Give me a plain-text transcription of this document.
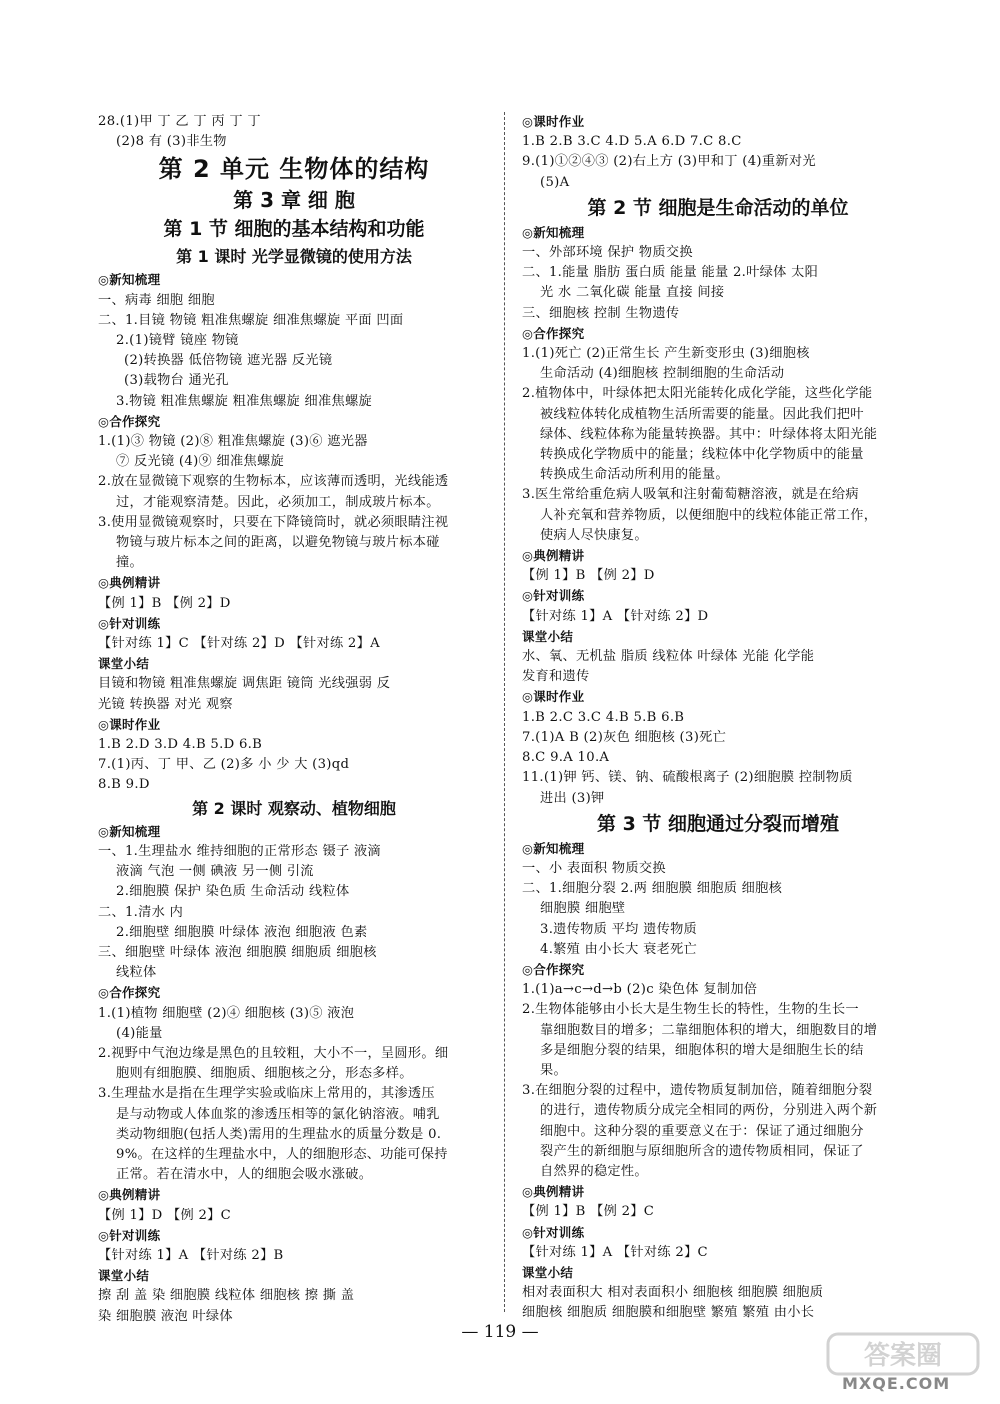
28.(1)甲 丁 乙 丁 丙 丁 丁
(2)8 有 (3)非生物
第 2 单元 生物体的结构
第 3 章 细 胞
第 1 节 细胞的基本结构和功能
第 1 课时 光学显微镜的使用方法
◎新知梳理
一、病毒 细胞 细胞
二、1.目镜 物镜 粗准焦螺旋 细准焦螺旋 平面 凹面
2.(1)镜臂 镜座 物镜
(2)转换器 低倍物镜 遮光器 反光镜
(3)载物台 通光孔
3.物镜 粗准焦螺旋 粗准焦螺旋 细准焦螺旋
◎合作探究
1.(1)③ 物镜 (2)⑧ 粗准焦螺旋 (3)⑥ 遮光器
⑦ 反光镜 (4)⑨ 细准焦螺旋
2.放在显微镜下观察的生物标本，应该薄而透明，光线能透
过，才能观察清楚。因此，必须加工，制成玻片标本。
3.使用显微镜观察时，只要在下降镜筒时，就必须眼睛注视
物镜与玻片标本之间的距离，以避免物镜与玻片标本碰
撞。
◎典例精讲
【例 1】B 【例 2】D
◎针对训练
【针对练 1】C 【针对练 2】D 【针对练 2】A
课堂小结
目镜和物镜 粗准焦螺旋 调焦距 镜筒 光线强弱 反
光镜 转换器 对光 观察
◎课时作业
1.B 2.D 3.D 4.B 5.D 6.B
7.(1)丙、丁 甲、乙 (2)多 小 少 大 (3)qd
8.B 9.D
第 2 课时 观察动、植物细胞
◎新知梳理
一、1.生理盐水 维持细胞的正常形态 镊子 液滴
液滴 气泡 一侧 碘液 另一侧 引流
2.细胞膜 保护 染色质 生命活动 线粒体
二、1.清水 内
2.细胞壁 细胞膜 叶绿体 液泡 细胞液 色素
三、细胞壁 叶绿体 液泡 细胞膜 细胞质 细胞核
线粒体
◎合作探究
1.(1)植物 细胞壁 (2)④ 细胞核 (3)⑤ 液泡
(4)能量
2.视野中气泡边缘是黑色的且较粗，大小不一，呈圆形。细
胞则有细胞膜、细胞质、细胞核之分，形态多样。
3.生理盐水是指在生理学实验或临床上常用的，其渗透压
是与动物或人体血浆的渗透压相等的氯化钠溶液。哺乳
类动物细胞(包括人类)需用的生理盐水的质量分数是 0.
9%。在这样的生理盐水中，人的细胞形态、功能可保持
正常。若在清水中，人的细胞会吸水涨破。
◎典例精讲
【例 1】D 【例 2】C
◎针对训练
【针对练 1】A 【针对练 2】B
课堂小结
擦 刮 盖 染 细胞膜 线粒体 细胞核 擦 撕 盖
染 细胞膜 液泡 叶绿体
◎课时作业
1.B 2.B 3.C 4.D 5.A 6.D 7.C 8.C
9.(1)①②④③ (2)右上方 (3)甲和丁 (4)重新对光
(5)A
第 2 节 细胞是生命活动的单位
◎新知梳理
一、外部环境 保护 物质交换
二、1.能量 脂肪 蛋白质 能量 能量 2.叶绿体 太阳
光 水 二氧化碳 能量 直接 间接
三、细胞核 控制 生物遗传
◎合作探究
1.(1)死亡 (2)正常生长 产生新变形虫 (3)细胞核
生命活动 (4)细胞核 控制细胞的生命活动
2.植物体中，叶绿体把太阳光能转化成化学能，这些化学能
被线粒体转化成植物生活所需要的能量。因此我们把叶
绿体、线粒体称为能量转换器。其中：叶绿体将太阳光能
转换成化学物质中的能量；线粒体中化学物质中的能量
转换成生命活动所利用的能量。
3.医生常给重危病人吸氧和注射葡萄糖溶液，就是在给病
人补充氧和营养物质，以便细胞中的线粒体能正常工作，
使病人尽快康复。
◎典例精讲
【例 1】B 【例 2】D
◎针对训练
【针对练 1】A 【针对练 2】D
课堂小结
水、氧、无机盐 脂质 线粒体 叶绿体 光能 化学能
发育和遗传
◎课时作业
1.B 2.C 3.C 4.B 5.B 6.B
7.(1)A B (2)灰色 细胞核 (3)死亡
8.C 9.A 10.A
11.(1)钾 钙、镁、钠、硫酸根离子 (2)细胞膜 控制物质
进出 (3)钾
第 3 节 细胞通过分裂而增殖
◎新知梳理
一、小 表面积 物质交换
二、1.细胞分裂 2.两 细胞膜 细胞质 细胞核
细胞膜 细胞壁
3.遗传物质 平均 遗传物质
4.繁殖 由小长大 衰老死亡
◎合作探究
1.(1)a→c→d→b (2)c 染色体 复制加倍
2.生物体能够由小长大是生物生长的特性，生物的生长一
靠细胞数目的增多；二靠细胞体积的增大，细胞数目的增
多是细胞分裂的结果，细胞体积的增大是细胞生长的结
果。
3.在细胞分裂的过程中，遗传物质复制加倍，随着细胞分裂
的进行，遗传物质分成完全相同的两份，分别进入两个新
细胞中。这种分裂的重要意义在于：保证了通过细胞分
裂产生的新细胞与原细胞所含的遗传物质相同，保证了
自然界的稳定性。
◎典例精讲
【例 1】B 【例 2】C
◎针对训练
【针对练 1】A 【针对练 2】C
课堂小结
相对表面积大 相对表面积小 细胞核 细胞膜 细胞质
细胞核 细胞质 细胞膜和细胞壁 繁殖 繁殖 由小长
— 119 —
答案圈
MXQE.COM
